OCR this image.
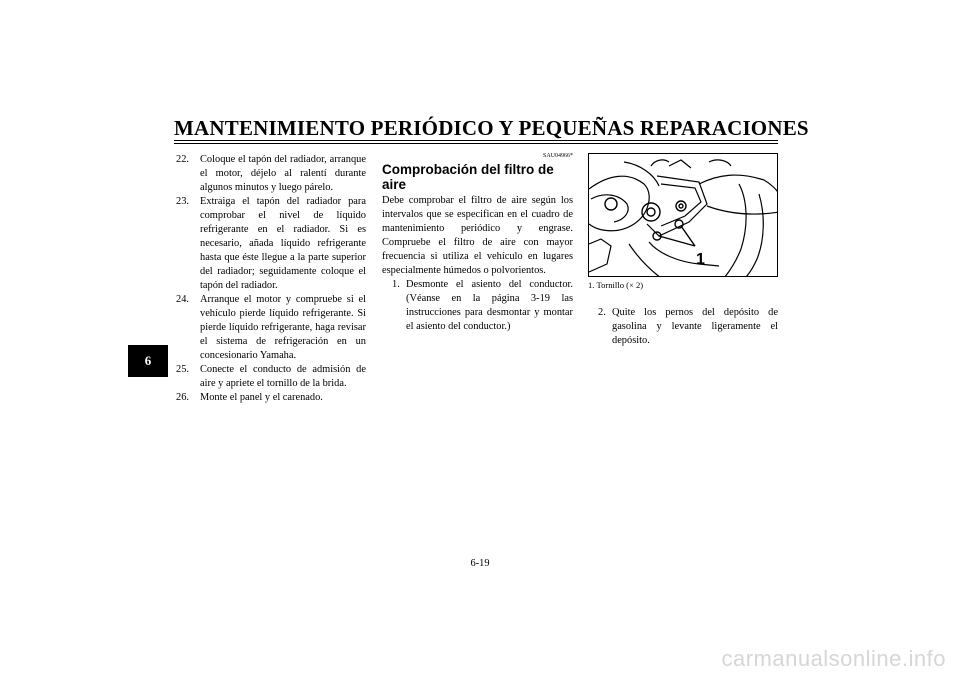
MANTENIMIENTO PERIÓDICO Y PEQUEÑAS REPARACIONES
6
22.	Coloque el tapón del radiador, arranque el motor, déjelo al ralentí durante algunos minutos y luego párelo.
23.	Extraiga el tapón del radiador para comprobar el nivel de líquido refrigerante en el radiador. Si es necesario, añada líquido refrigerante hasta que éste llegue a la parte superior del radiador; seguidamente coloque el tapón del radiador.
24.	Arranque el motor y compruebe si el vehículo pierde líquido refrigerante. Si pierde líquido refrigerante, haga revisar el sistema de refrigeración en un concesionario Yamaha.
25.	Conecte el conducto de admisión de aire y apriete el tornillo de la brida.
26.	Monte el panel y el carenado.
SAU04966*
Comprobación del filtro de aire
Debe comprobar el filtro de aire según los intervalos que se especifican en el cuadro de mantenimiento periódico y engrase. Compruebe el filtro de aire con mayor frecuencia si utiliza el vehículo en lugares especialmente húmedos o polvorientos.
1. Desmonte el asiento del conductor. (Véanse en la página 3-19 las instrucciones para desmontar y montar el asiento del conductor.)
1
1. Tornillo (× 2)
2. Quite los pernos del depósito de gasolina y levante ligeramente el depósito.
6-19
carmanualsonline.info
